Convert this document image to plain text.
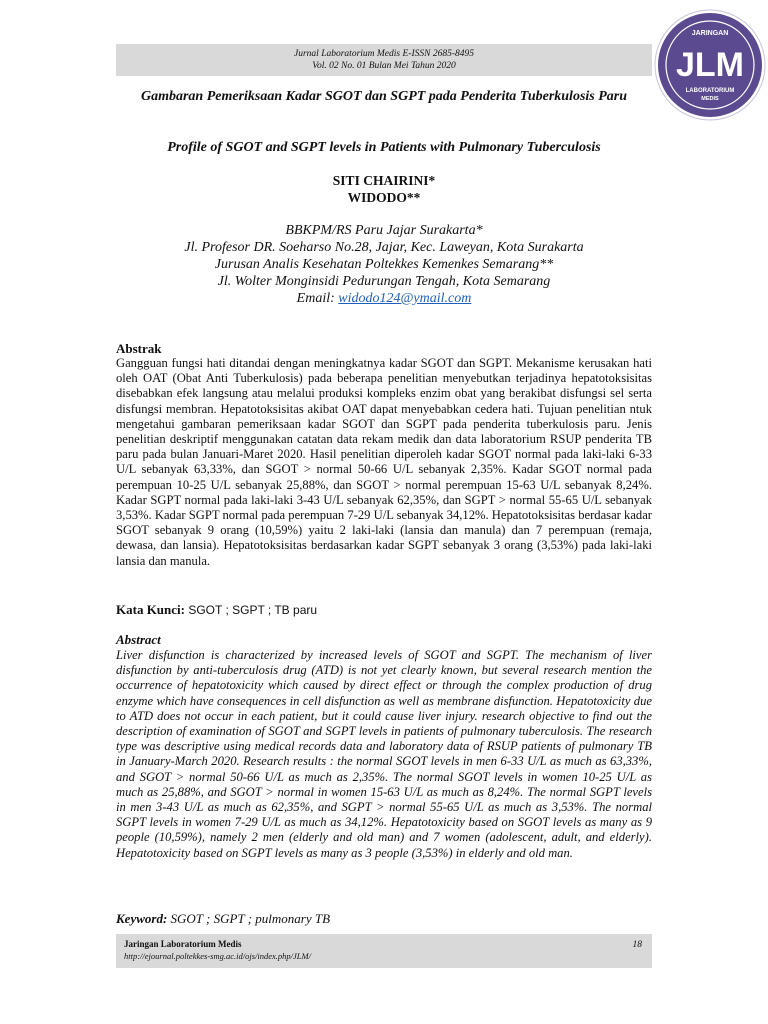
Jurnal Laboratorium Medis E-ISSN 2685-8495
Vol. 02 No. 01 Bulan Mei Tahun 2020
JARINGAN
JLM
LABORATORIUM
MEDIS
Gambaran Pemeriksaan Kadar SGOT dan SGPT pada Penderita Tuberkulosis Paru
Profile of SGOT and SGPT levels in Patients with Pulmonary Tuberculosis
SITI CHAIRINI*
WIDODO**
BBKPM/RS Paru Jajar Surakarta*
Jl. Profesor DR. Soeharso No.28, Jajar, Kec. Laweyan, Kota Surakarta
Jurusan Analis Kesehatan Poltekkes Kemenkes Semarang**
Jl. Wolter Monginsidi Pedurungan Tengah, Kota Semarang
Email: widodo124@ymail.com
Abstrak
Gangguan fungsi hati ditandai dengan meningkatnya kadar SGOT dan SGPT. Mekanisme kerusakan hati oleh OAT (Obat Anti Tuberkulosis) pada beberapa penelitian menyebutkan terjadinya hepatotoksisitas disebabkan efek langsung atau melalui produksi kompleks enzim obat yang berakibat disfungsi sel serta disfungsi membran. Hepatotoksisitas akibat OAT dapat menyebabkan cedera hati. Tujuan penelitian ntuk mengetahui gambaran pemeriksaan kadar SGOT dan SGPT pada penderita tuberkulosis paru. Jenis penelitian deskriptif menggunakan catatan data rekam medik dan data laboratorium RSUP penderita TB paru pada bulan Januari-Maret 2020. Hasil penelitian diperoleh kadar SGOT normal pada laki-laki 6-33 U/L sebanyak 63,33%, dan SGOT > normal 50-66 U/L sebanyak 2,35%. Kadar SGOT normal pada perempuan 10-25 U/L sebanyak 25,88%, dan SGOT > normal perempuan 15-63 U/L sebanyak 8,24%. Kadar SGPT normal pada laki-laki 3-43 U/L sebanyak 62,35%, dan SGPT > normal 55-65 U/L sebanyak 3,53%. Kadar SGPT normal pada perempuan 7-29 U/L sebanyak 34,12%. Hepatotoksisitas berdasar kadar SGOT sebanyak 9 orang (10,59%) yaitu 2 laki-laki (lansia dan manula) dan 7 perempuan (remaja, dewasa, dan lansia). Hepatotoksisitas berdasarkan kadar SGPT sebanyak 3 orang (3,53%) pada laki-laki lansia dan manula.
Kata Kunci: SGOT ; SGPT ; TB paru
Abstract
Liver disfunction is characterized by increased levels of SGOT and SGPT. The mechanism of liver disfunction by anti-tuberculosis drug (ATD) is not yet clearly known, but several research mention the occurrence of hepatotoxicity which caused by direct effect or through the complex production of drug enzyme which have consequences in cell disfunction as well as membrane disfunction. Hepatotoxicity due to ATD does not occur in each patient, but it could cause liver injury. research objective to find out the description of examination of SGOT and SGPT levels in patients of pulmonary tuberculosis. The research type was descriptive using medical records data and laboratory data of RSUP patients of pulmonary TB in January-March 2020. Research results : the normal SGOT levels in men 6-33 U/L as much as 63,33%, and SGOT > normal 50-66 U/L as much as 2,35%. The normal SGOT levels in women 10-25 U/L as much as 25,88%, and SGOT > normal in women 15-63 U/L as much as 8,24%. The normal SGPT levels in men 3-43 U/L as much as 62,35%, and SGPT > normal 55-65 U/L as much as 3,53%. The normal SGPT levels in women 7-29 U/L as much as 34,12%. Hepatotoxicity based on SGOT levels as many as 9 people (10,59%), namely 2 men (elderly and old man) and 7 women (adolescent, adult, and elderly). Hepatotoxicity based on SGPT levels as many as 3 people (3,53%) in elderly and old man.
Keyword: SGOT ; SGPT ; pulmonary TB
Jaringan Laboratorium Medis
http://ejournal.poltekkes-smg.ac.id/ojs/index.php/JLM/
18
